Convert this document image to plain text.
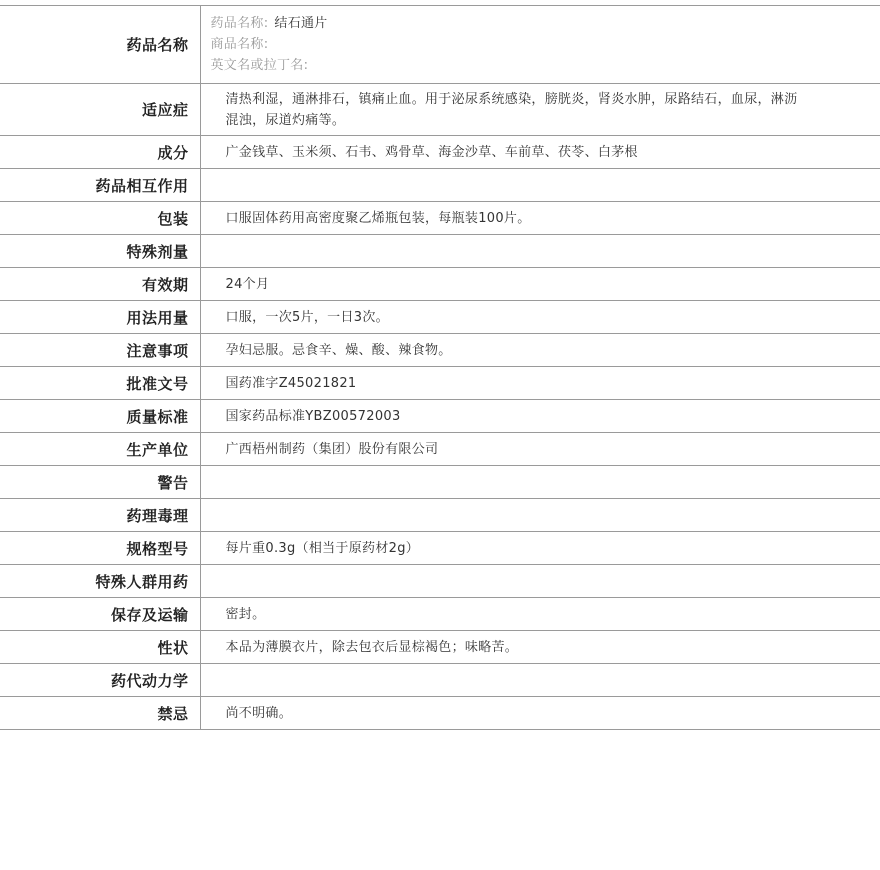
药品名称	药品名称: 结石通片
商品名称:
英文名或拉丁名:

适应症	清热利湿，通淋排石，镇痛止血。用于泌尿系统感染，膀胱炎，肾炎水肿，尿路结石，血尿，淋沥混浊，尿道灼痛等。
成分	广金钱草、玉米须、石韦、鸡骨草、海金沙草、车前草、茯苓、白茅根
药品相互作用	
包装	口服固体药用高密度聚乙烯瓶包装，每瓶装100片。
特殊剂量	
有效期	24个月
用法用量	口服，一次5片，一日3次。
注意事项	孕妇忌服。忌食辛、燥、酸、辣食物。
批准文号	国药准字Z45021821
质量标准	国家药品标准YBZ00572003
生产单位	广西梧州制药（集团）股份有限公司
警告	
药理毒理	
规格型号	每片重0.3g（相当于原药材2g）
特殊人群用药	
保存及运输	密封。
性状	本品为薄膜衣片，除去包衣后显棕褐色；味略苦。
药代动力学	
禁忌	尚不明确。
